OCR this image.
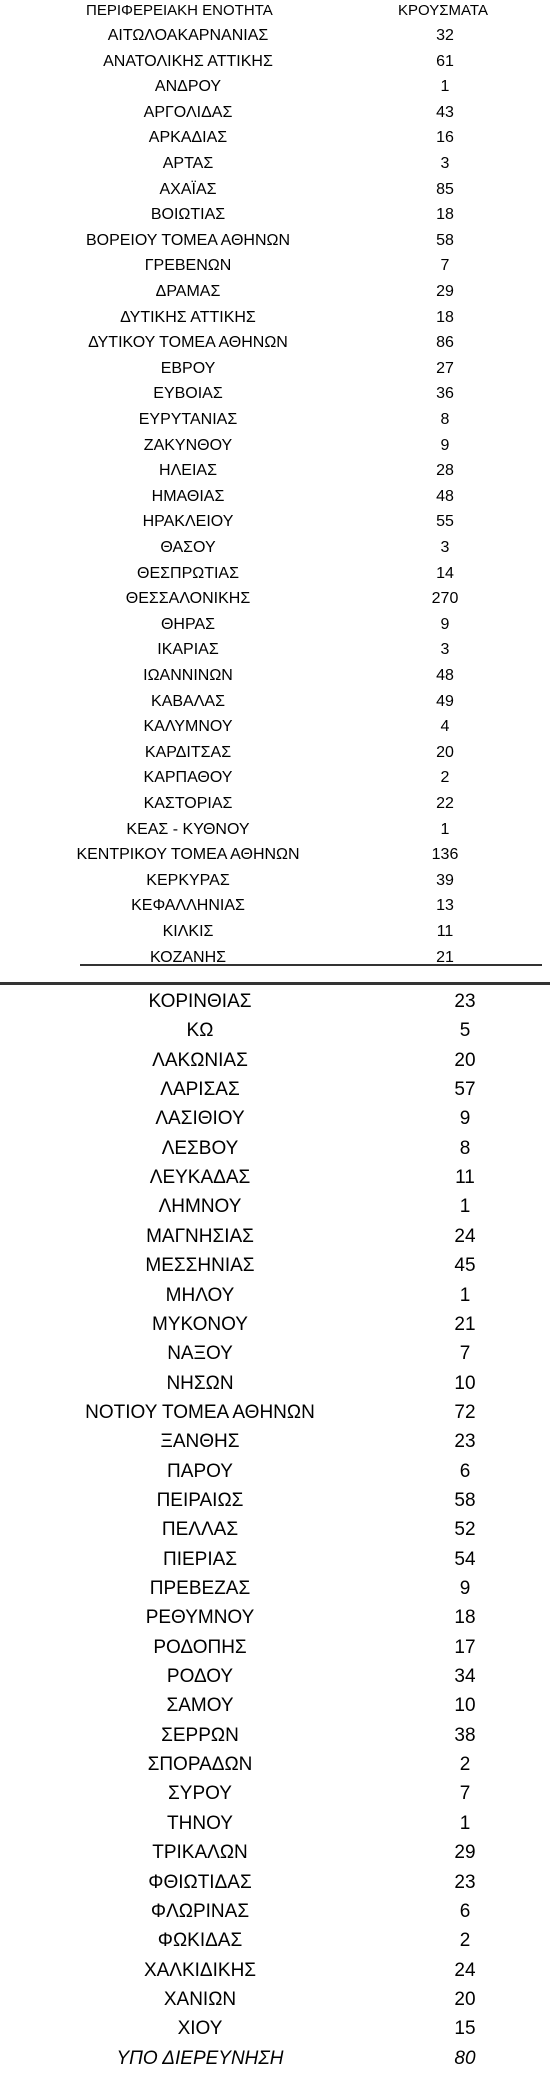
ΠΕΡΙΦΕΡΕΙΑΚΗ ΕΝΟΤΗΤΑ	ΚΡΟΥΣΜΑΤΑ
ΑΙΤΩΛΟΑΚΑΡΝΑΝΙΑΣ	32
ΑΝΑΤΟΛΙΚΗΣ ΑΤΤΙΚΗΣ	61
ΑΝΔΡΟΥ	1
ΑΡΓΟΛΙΔΑΣ	43
ΑΡΚΑΔΙΑΣ	16
ΑΡΤΑΣ	3
ΑΧΑΪΑΣ	85
ΒΟΙΩΤΙΑΣ	18
ΒΟΡΕΙΟΥ ΤΟΜΕΑ ΑΘΗΝΩΝ	58
ΓΡΕΒΕΝΩΝ	7
ΔΡΑΜΑΣ	29
ΔΥΤΙΚΗΣ ΑΤΤΙΚΗΣ	18
ΔΥΤΙΚΟΥ ΤΟΜΕΑ ΑΘΗΝΩΝ	86
ΕΒΡΟΥ	27
ΕΥΒΟΙΑΣ	36
ΕΥΡΥΤΑΝΙΑΣ	8
ΖΑΚΥΝΘΟΥ	9
ΗΛΕΙΑΣ	28
ΗΜΑΘΙΑΣ	48
ΗΡΑΚΛΕΙΟΥ	55
ΘΑΣΟΥ	3
ΘΕΣΠΡΩΤΙΑΣ	14
ΘΕΣΣΑΛΟΝΙΚΗΣ	270
ΘΗΡΑΣ	9
ΙΚΑΡΙΑΣ	3
ΙΩΑΝΝΙΝΩΝ	48
ΚΑΒΑΛΑΣ	49
ΚΑΛΥΜΝΟΥ	4
ΚΑΡΔΙΤΣΑΣ	20
ΚΑΡΠΑΘΟΥ	2
ΚΑΣΤΟΡΙΑΣ	22
ΚΕΑΣ - ΚΥΘΝΟΥ	1
ΚΕΝΤΡΙΚΟΥ ΤΟΜΕΑ ΑΘΗΝΩΝ	136
ΚΕΡΚΥΡΑΣ	39
ΚΕΦΑΛΛΗΝΙΑΣ	13
ΚΙΛΚΙΣ	11
ΚΟΖΑΝΗΣ	21
ΚΟΡΙΝΘΙΑΣ	23
ΚΩ	5
ΛΑΚΩΝΙΑΣ	20
ΛΑΡΙΣΑΣ	57
ΛΑΣΙΘΙΟΥ	9
ΛΕΣΒΟΥ	8
ΛΕΥΚΑΔΑΣ	11
ΛΗΜΝΟΥ	1
ΜΑΓΝΗΣΙΑΣ	24
ΜΕΣΣΗΝΙΑΣ	45
ΜΗΛΟΥ	1
ΜΥΚΟΝΟΥ	21
ΝΑΞΟΥ	7
ΝΗΣΩΝ	10
ΝΟΤΙΟΥ ΤΟΜΕΑ ΑΘΗΝΩΝ	72
ΞΑΝΘΗΣ	23
ΠΑΡΟΥ	6
ΠΕΙΡΑΙΩΣ	58
ΠΕΛΛΑΣ	52
ΠΙΕΡΙΑΣ	54
ΠΡΕΒΕΖΑΣ	9
ΡΕΘΥΜΝΟΥ	18
ΡΟΔΟΠΗΣ	17
ΡΟΔΟΥ	34
ΣΑΜΟΥ	10
ΣΕΡΡΩΝ	38
ΣΠΟΡΑΔΩΝ	2
ΣΥΡΟΥ	7
ΤΗΝΟΥ	1
ΤΡΙΚΑΛΩΝ	29
ΦΘΙΩΤΙΔΑΣ	23
ΦΛΩΡΙΝΑΣ	6
ΦΩΚΙΔΑΣ	2
ΧΑΛΚΙΔΙΚΗΣ	24
ΧΑΝΙΩΝ	20
ΧΙΟΥ	15
ΥΠΟ ΔΙΕΡΕΥΝΗΣΗ	80
